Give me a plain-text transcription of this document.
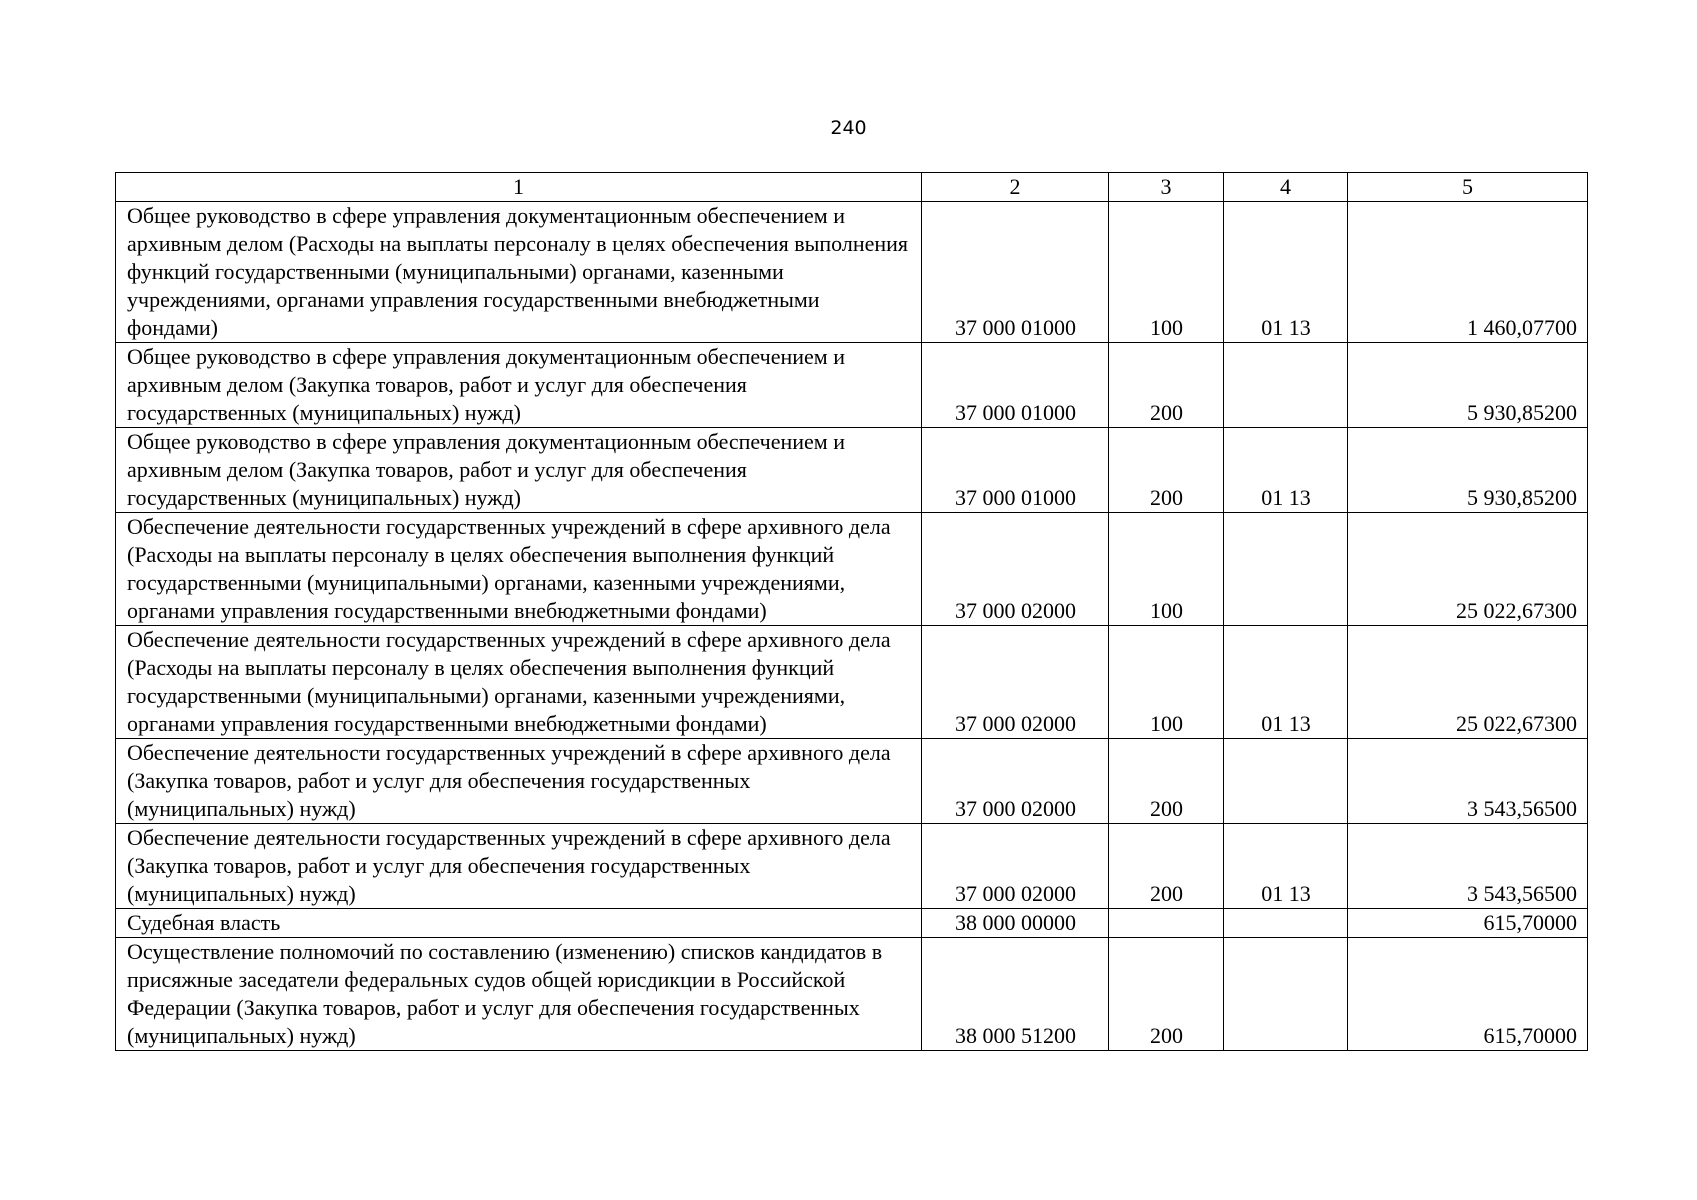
240
1	2	3	4	5
Общее руководство в сфере управления документационным обеспечением и архивным делом (Расходы на выплаты персоналу в целях обеспечения выполнения функций государственными (муниципальными) органами, казенными учреждениями, органами управления государственными внебюджетными фондами)	37 000 01000	100	01 13	1 460,07700
Общее руководство в сфере управления документационным обеспечением и архивным делом (Закупка товаров, работ и услуг для обеспечения государственных (муниципальных) нужд)	37 000 01000	200		5 930,85200
Общее руководство в сфере управления документационным обеспечением и архивным делом (Закупка товаров, работ и услуг для обеспечения государственных (муниципальных) нужд)	37 000 01000	200	01 13	5 930,85200
Обеспечение деятельности государственных учреждений в сфере архивного дела (Расходы на выплаты персоналу в целях обеспечения выполнения функций государственными (муниципальными) органами, казенными учреждениями, органами управления государственными внебюджетными фондами)	37 000 02000	100		25 022,67300
Обеспечение деятельности государственных учреждений в сфере архивного дела (Расходы на выплаты персоналу в целях обеспечения выполнения функций государственными (муниципальными) органами, казенными учреждениями, органами управления государственными внебюджетными фондами)	37 000 02000	100	01 13	25 022,67300
Обеспечение деятельности государственных учреждений в сфере архивного дела (Закупка товаров, работ и услуг для обеспечения государственных (муниципальных) нужд)	37 000 02000	200		3 543,56500
Обеспечение деятельности государственных учреждений в сфере архивного дела (Закупка товаров, работ и услуг для обеспечения государственных (муниципальных) нужд)	37 000 02000	200	01 13	3 543,56500
Судебная власть	38 000 00000			615,70000
Осуществление полномочий по составлению (изменению) списков кандидатов в присяжные заседатели федеральных судов общей юрисдикции в Российской Федерации (Закупка товаров, работ и услуг для обеспечения государственных (муниципальных) нужд)	38 000 51200	200		615,70000
